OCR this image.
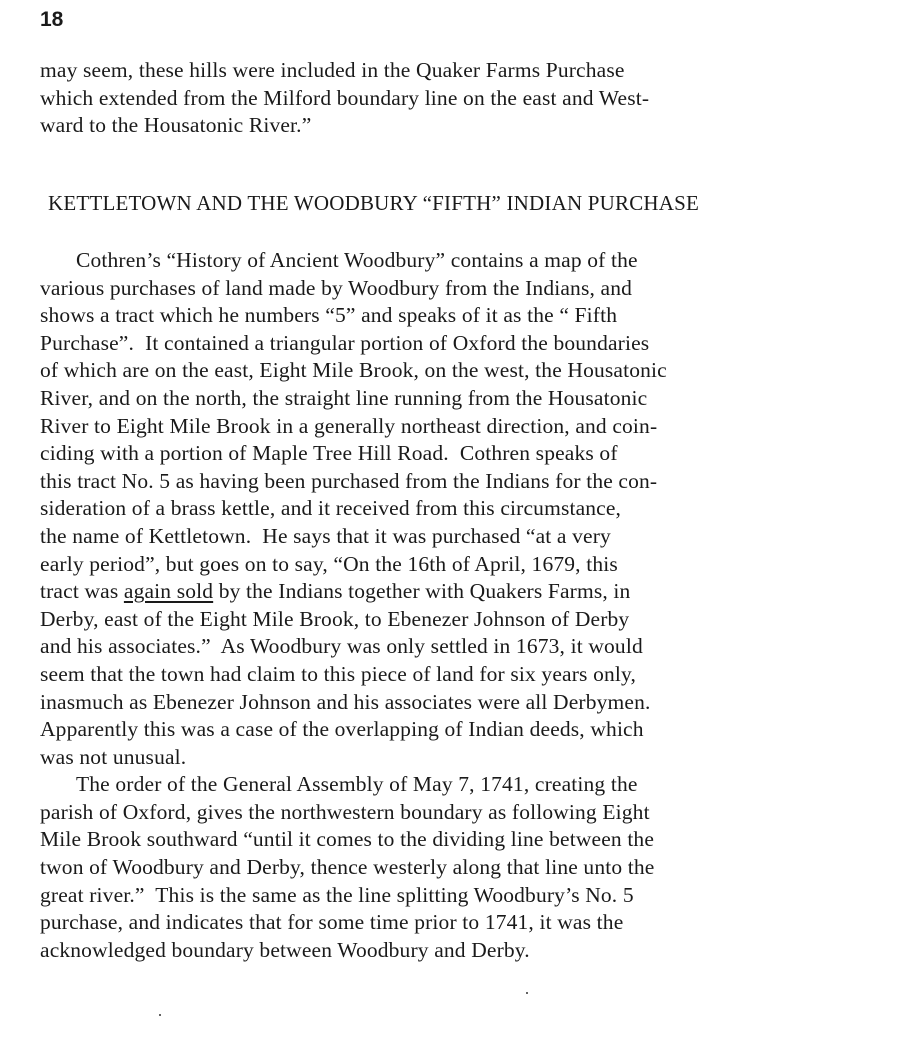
18
may seem, these hills were included in the Quaker Farms Purchase
which extended from the Milford boundary line on the east and West-
ward to the Housatonic River.”
KETTLETOWN AND THE WOODBURY “FIFTH” INDIAN PURCHASE
Cothren’s “History of Ancient Woodbury” contains a map of the
various purchases of land made by Woodbury from the Indians, and
shows a tract which he numbers “5” and speaks of it as the “ Fifth
Purchase”.  It contained a triangular portion of Oxford the boundaries
of which are on the east, Eight Mile Brook, on the west, the Housatonic
River, and on the north, the straight line running from the Housatonic
River to Eight Mile Brook in a generally northeast direction, and coin-
ciding with a portion of Maple Tree Hill Road.  Cothren speaks of
this tract No. 5 as having been purchased from the Indians for the con-
sideration of a brass kettle, and it received from this circumstance,
the name of Kettletown.  He says that it was purchased “at a very
early period”, but goes on to say, “On the 16th of April, 1679, this
tract was again sold by the Indians together with Quakers Farms, in
Derby, east of the Eight Mile Brook, to Ebenezer Johnson of Derby
and his associates.”  As Woodbury was only settled in 1673, it would
seem that the town had claim to this piece of land for six years only,
inasmuch as Ebenezer Johnson and his associates were all Derbymen.
Apparently this was a case of the overlapping of Indian deeds, which
was not unusual.
The order of the General Assembly of May 7, 1741, creating the
parish of Oxford, gives the northwestern boundary as following Eight
Mile Brook southward “until it comes to the dividing line between the
twon of Woodbury and Derby, thence westerly along that line unto the
great river.”  This is the same as the line splitting Woodbury’s No. 5
purchase, and indicates that for some time prior to 1741, it was the
acknowledged boundary between Woodbury and Derby.
